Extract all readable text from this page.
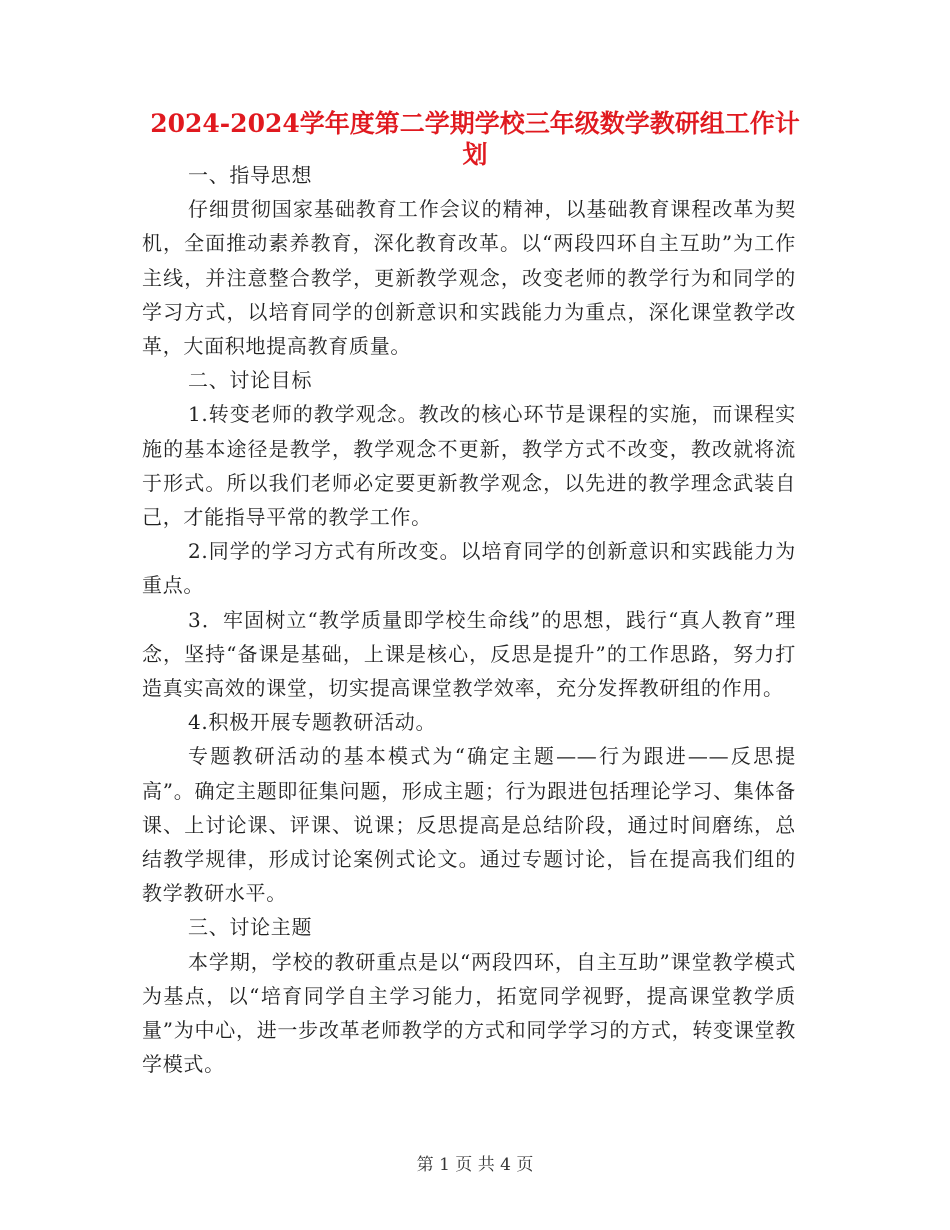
2024-2024学年度第二学期学校三年级数学教研组工作计划

一、指导思想

仔细贯彻国家基础教育工作会议的精神，以基础教育课程改革为契机，全面推动素养教育，深化教育改革。以“两段四环自主互助”为工作主线，并注意整合教学，更新教学观念，改变老师的教学行为和同学的学习方式，以培育同学的创新意识和实践能力为重点，深化课堂教学改革，大面积地提高教育质量。

二、讨论目标

1.转变老师的教学观念。教改的核心环节是课程的实施，而课程实施的基本途径是教学，教学观念不更新，教学方式不改变，教改就将流于形式。所以我们老师必定要更新教学观念，以先进的教学理念武装自己，才能指导平常的教学工作。

2.同学的学习方式有所改变。以培育同学的创新意识和实践能力为重点。

3．牢固树立“教学质量即学校生命线”的思想，践行“真人教育”理念，坚持“备课是基础，上课是核心，反思是提升”的工作思路，努力打造真实高效的课堂，切实提高课堂教学效率，充分发挥教研组的作用。

4.积极开展专题教研活动。

专题教研活动的基本模式为“确定主题——行为跟进——反思提高”。确定主题即征集问题，形成主题；行为跟进包括理论学习、集体备课、上讨论课、评课、说课；反思提高是总结阶段，通过时间磨练，总结教学规律，形成讨论案例式论文。通过专题讨论，旨在提高我们组的教学教研水平。

三、讨论主题

本学期，学校的教研重点是以“两段四环，自主互助”课堂教学模式为基点，以“培育同学自主学习能力，拓宽同学视野，提高课堂教学质量”为中心，进一步改革老师教学的方式和同学学习的方式，转变课堂教学模式。

第 1 页 共 4 页
